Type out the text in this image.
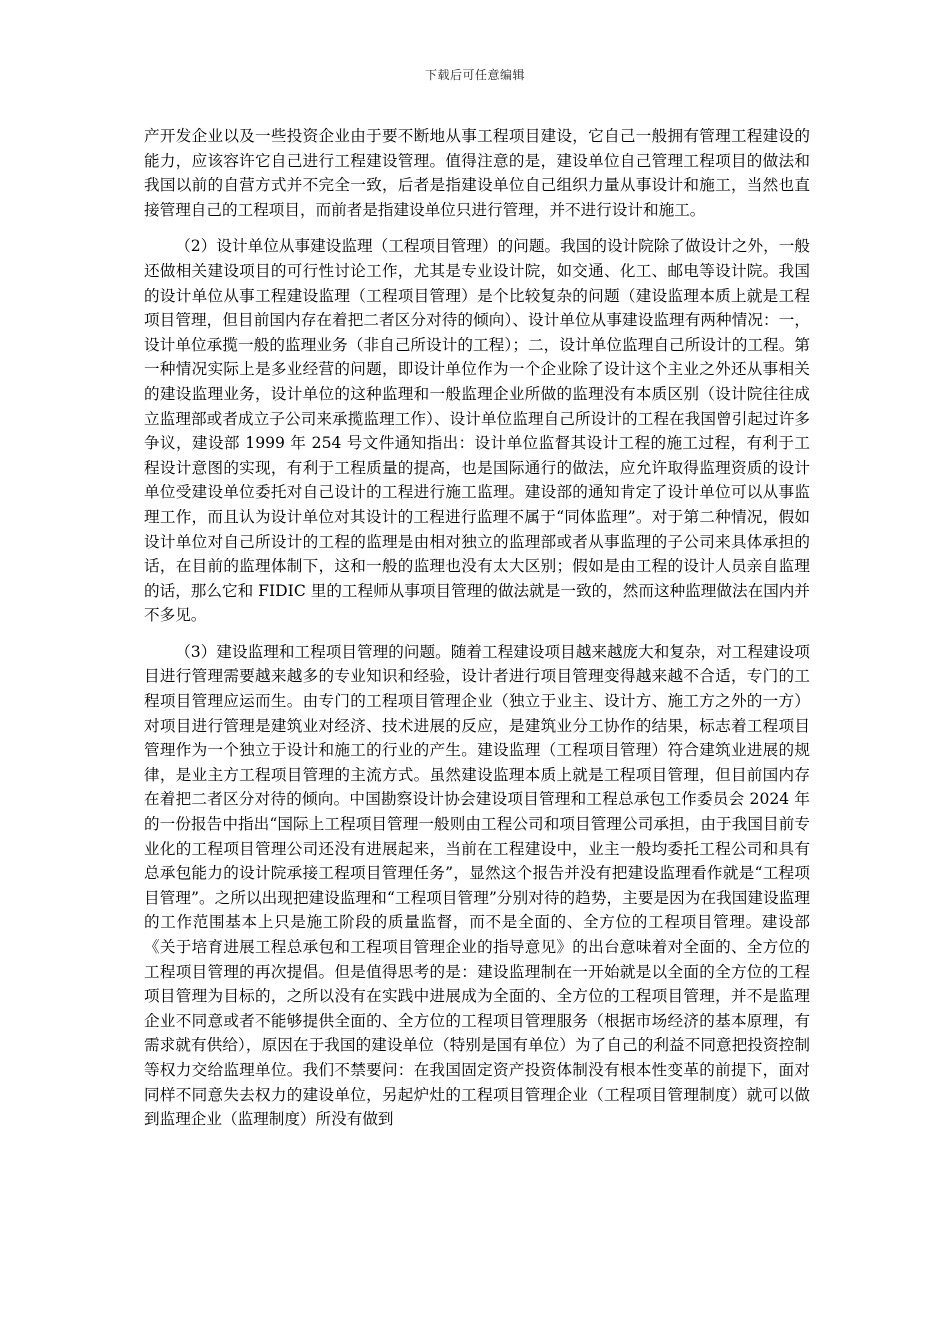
下载后可任意编辑

产开发企业以及一些投资企业由于要不断地从事工程项目建设，它自己一般拥有管理工程建设的能力，应该容许它自己进行工程建设管理。值得注意的是，建设单位自己管理工程项目的做法和我国以前的自营方式并不完全一致，后者是指建设单位自己组织力量从事设计和施工，当然也直接管理自己的工程项目，而前者是指建设单位只进行管理，并不进行设计和施工。

（2）设计单位从事建设监理（工程项目管理）的问题。我国的设计院除了做设计之外，一般还做相关建设项目的可行性讨论工作，尤其是专业设计院，如交通、化工、邮电等设计院。我国的设计单位从事工程建设监理（工程项目管理）是个比较复杂的问题（建设监理本质上就是工程项目管理，但目前国内存在着把二者区分对待的倾向）、设计单位从事建设监理有两种情况：一，设计单位承揽一般的监理业务（非自己所设计的工程）；二，设计单位监理自己所设计的工程。第一种情况实际上是多业经营的问题，即设计单位作为一个企业除了设计这个主业之外还从事相关的建设监理业务，设计单位的这种监理和一般监理企业所做的监理没有本质区别（设计院往往成立监理部或者成立子公司来承揽监理工作）、设计单位监理自己所设计的工程在我国曾引起过许多争议，建设部 1999 年 254 号文件通知指出：设计单位监督其设计工程的施工过程，有利于工程设计意图的实现，有利于工程质量的提高，也是国际通行的做法，应允许取得监理资质的设计单位受建设单位委托对自己设计的工程进行施工监理。建设部的通知肯定了设计单位可以从事监理工作，而且认为设计单位对其设计的工程进行监理不属于“同体监理”。对于第二种情况，假如设计单位对自己所设计的工程的监理是由相对独立的监理部或者从事监理的子公司来具体承担的话，在目前的监理体制下，这和一般的监理也没有太大区别；假如是由工程的设计人员亲自监理的话，那么它和 FIDIC 里的工程师从事项目管理的做法就是一致的，然而这种监理做法在国内并不多见。

（3）建设监理和工程项目管理的问题。随着工程建设项目越来越庞大和复杂，对工程建设项目进行管理需要越来越多的专业知识和经验，设计者进行项目管理变得越来越不合适，专门的工程项目管理应运而生。由专门的工程项目管理企业（独立于业主、设计方、施工方之外的一方）对项目进行管理是建筑业对经济、技术进展的反应，是建筑业分工协作的结果，标志着工程项目管理作为一个独立于设计和施工的行业的产生。建设监理（工程项目管理）符合建筑业进展的规律，是业主方工程项目管理的主流方式。虽然建设监理本质上就是工程项目管理，但目前国内存在着把二者区分对待的倾向。中国勘察设计协会建设项目管理和工程总承包工作委员会 2024 年的一份报告中指出“国际上工程项目管理一般则由工程公司和项目管理公司承担，由于我国目前专业化的工程项目管理公司还没有进展起来，当前在工程建设中，业主一般均委托工程公司和具有总承包能力的设计院承接工程项目管理任务”，显然这个报告并没有把建设监理看作就是“工程项目管理”。之所以出现把建设监理和“工程项目管理”分别对待的趋势，主要是因为在我国建设监理的工作范围基本上只是施工阶段的质量监督，而不是全面的、全方位的工程项目管理。建设部《关于培育进展工程总承包和工程项目管理企业的指导意见》的出台意味着对全面的、全方位的工程项目管理的再次提倡。但是值得思考的是：建设监理制在一开始就是以全面的全方位的工程项目管理为目标的，之所以没有在实践中进展成为全面的、全方位的工程项目管理，并不是监理企业不同意或者不能够提供全面的、全方位的工程项目管理服务（根据市场经济的基本原理，有需求就有供给），原因在于我国的建设单位（特别是国有单位）为了自己的利益不同意把投资控制等权力交给监理单位。我们不禁要问：在我国固定资产投资体制没有根本性变革的前提下，面对同样不同意失去权力的建设单位，另起炉灶的工程项目管理企业（工程项目管理制度）就可以做到监理企业（监理制度）所没有做到
